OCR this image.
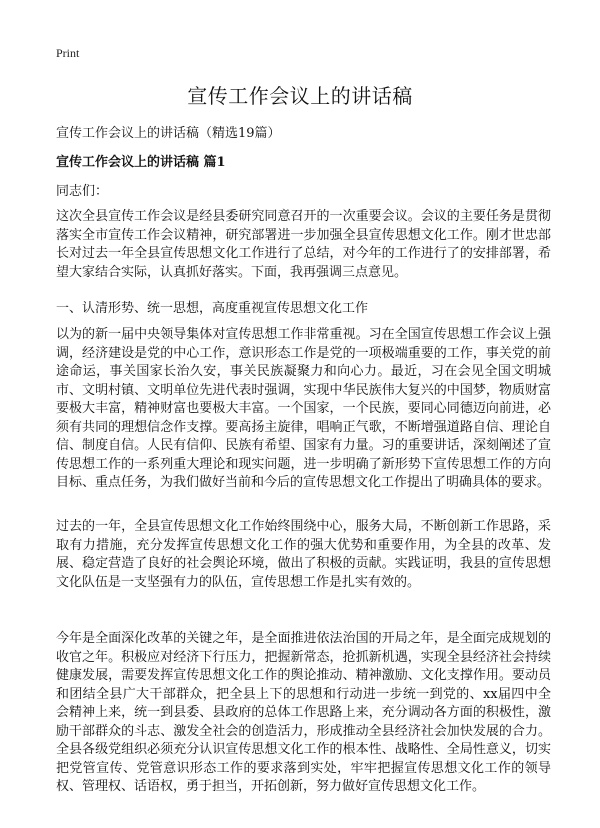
Print
宣传工作会议上的讲话稿

宣传工作会议上的讲话稿（精选19篇）

宣传工作会议上的讲话稿 篇1

同志们：

这次全县宣传工作会议是经县委研究同意召开的一次重要会议。会议的主要任务是贯彻落实全市宣传工作会议精神，研究部署进一步加强全县宣传思想文化工作。刚才世忠部长对过去一年全县宣传思想文化工作进行了总结，对今年的工作进行了的安排部署，希望大家结合实际，认真抓好落实。下面，我再强调三点意见。

一、认清形势、统一思想，高度重视宣传思想文化工作

以为的新一届中央领导集体对宣传思想工作非常重视。习在全国宣传思想工作会议上强调，经济建设是党的中心工作，意识形态工作是党的一项极端重要的工作，事关党的前途命运，事关国家长治久安，事关民族凝聚力和向心力。最近，习在会见全国文明城市、文明村镇、文明单位先进代表时强调，实现中华民族伟大复兴的中国梦，物质财富要极大丰富，精神财富也要极大丰富。一个国家，一个民族，要同心同德迈向前进，必须有共同的理想信念作支撑。要高扬主旋律，唱响正气歌，不断增强道路自信、理论自信、制度自信。人民有信仰、民族有希望、国家有力量。习的重要讲话，深刻阐述了宣传思想工作的一系列重大理论和现实问题，进一步明确了新形势下宣传思想工作的方向目标、重点任务，为我们做好当前和今后的宣传思想文化工作提出了明确具体的要求。

过去的一年，全县宣传思想文化工作始终围绕中心，服务大局，不断创新工作思路，采取有力措施，充分发挥宣传思想文化工作的强大优势和重要作用，为全县的改革、发展、稳定营造了良好的社会舆论环境，做出了积极的贡献。实践证明，我县的宣传思想文化队伍是一支坚强有力的队伍，宣传思想工作是扎实有效的。

今年是全面深化改革的关键之年，是全面推进依法治国的开局之年，是全面完成规划的收官之年。积极应对经济下行压力，把握新常态，抢抓新机遇，实现全县经济社会持续健康发展，需要发挥宣传思想文化工作的舆论推动、精神激励、文化支撑作用。要动员和团结全县广大干部群众，把全县上下的思想和行动进一步统一到党的、xx届四中全会精神上来，统一到县委、县政府的总体工作思路上来，充分调动各方面的积极性，激励干部群众的斗志、激发全社会的创造活力，形成推动全县经济社会加快发展的合力。全县各级党组织必须充分认识宣传思想文化工作的根本性、战略性、全局性意义，切实把党管宣传、党管意识形态工作的要求落到实处，牢牢把握宣传思想文化工作的领导权、管理权、话语权，勇于担当，开拓创新，努力做好宣传思想文化工作。
